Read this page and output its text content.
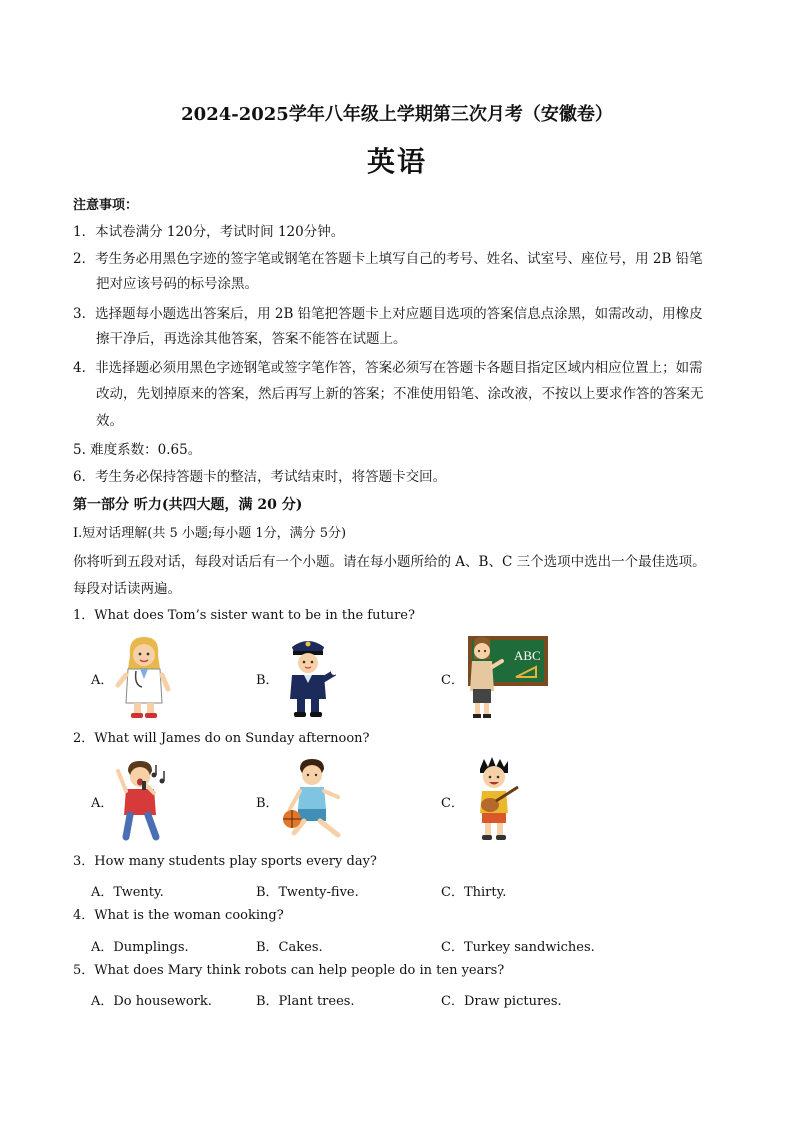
2024-2025学年八年级上学期第三次月考（安徽卷）
英语
注意事项：
1．本试卷满分 120分，考试时间 120分钟。
2．考生务必用黑色字迹的签字笔或钢笔在答题卡上填写自己的考号、姓名、试室号、座位号，用 2B 铅笔
把对应该号码的标号涂黑。
3．选择题每小题选出答案后，用 2B 铅笔把答题卡上对应题目选项的答案信息点涂黑，如需改动，用橡皮
擦干净后，再选涂其他答案，答案不能答在试题上。
4．非选择题必须用黑色字迹钢笔或签字笔作答，答案必须写在答题卡各题目指定区域内相应位置上；如需
改动，先划掉原来的答案，然后再写上新的答案；不准使用铅笔、涂改液，不按以上要求作答的答案无
效。
5. 难度系数：0.65。
6．考生务必保持答题卡的整洁，考试结束时，将答题卡交回。
第一部分 听力(共四大题，满 20 分)
Ⅰ.短对话理解(共 5 小题;每小题 1分，满分 5分)
你将听到五段对话，每段对话后有一个小题。请在每小题所给的 A、B、C 三个选项中选出一个最佳选项。
每段对话读两遍。
1．What does Tom’s sister want to be in the future?
A．	B．	C．
ABC
2．What will James do on Sunday afternoon?
A．	B．	C．
3．How many students play sports every day?
A．Twenty.	B．Twenty-five.	C．Thirty.
4．What is the woman cooking?
A．Dumplings.	B．Cakes.	C．Turkey sandwiches.
5．What does Mary think robots can help people do in ten years?
A．Do housework.	B．Plant trees.	C．Draw pictures.
